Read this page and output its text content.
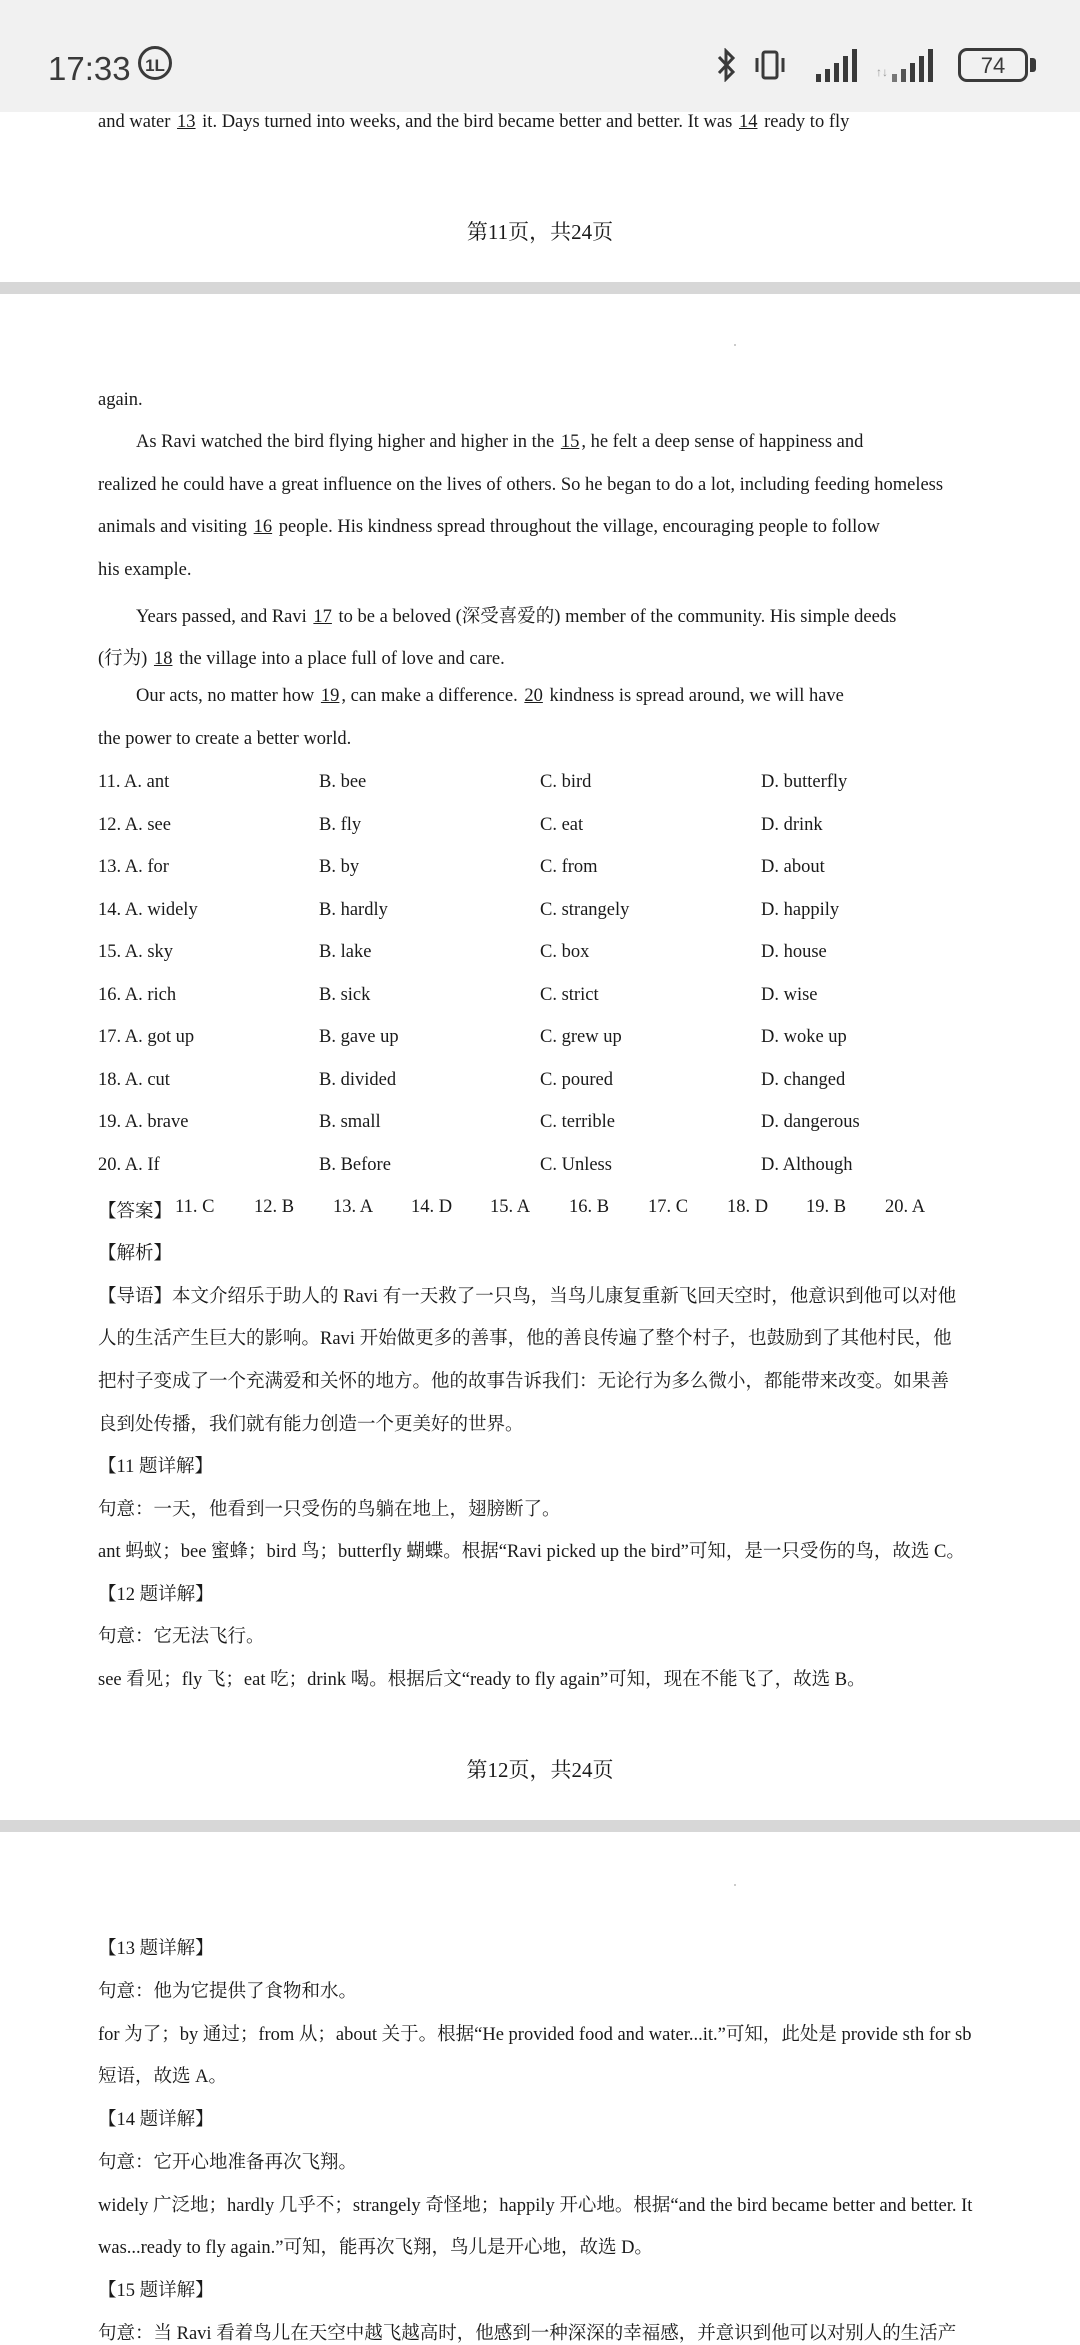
17:33 1L	↑↓	74
and water 13 it. Days turned into weeks, and the bird became better and better. It was 14 ready to fly
第11页，共24页
again.
As Ravi watched the bird flying higher and higher in the 15 , he felt a deep sense of happiness and
realized he could have a great influence on the lives of others. So he began to do a lot, including feeding homeless
animals and visiting 16 people. His kindness spread throughout the village, encouraging people to follow
his example.
Years passed, and Ravi 17 to be a beloved (深受喜爱的) member of the community. His simple deeds
(行为) 18 the village into a place full of love and care.
Our acts, no matter how 19 , can make a difference. 20 kindness is spread around, we will have
the power to create a better world.
11. A. ant	B. bee	C. bird	D. butterfly
12. A. see	B. fly	C. eat	D. drink
13. A. for	B. by	C. from	D. about
14. A. widely	B. hardly	C. strangely	D. happily
15. A. sky	B. lake	C. box	D. house
16. A. rich	B. sick	C. strict	D. wise
17. A. got up	B. gave up	C. grew up	D. woke up
18. A. cut	B. divided	C. poured	D. changed
19. A. brave	B. small	C. terrible	D. dangerous
20. A. If	B. Before	C. Unless	D. Although
【答案】 11. C 12. B 13. A 14. D 15. A 16. B 17. C 18. D 19. B 20. A
【解析】
【导语】本文介绍乐于助人的 Ravi 有一天救了一只鸟，当鸟儿康复重新飞回天空时，他意识到他可以对他
人的生活产生巨大的影响。Ravi 开始做更多的善事，他的善良传遍了整个村子，也鼓励到了其他村民，他
把村子变成了一个充满爱和关怀的地方。他的故事告诉我们：无论行为多么微小，都能带来改变。如果善
良到处传播，我们就有能力创造一个更美好的世界。
【11 题详解】
句意：一天，他看到一只受伤的鸟躺在地上，翅膀断了。
ant 蚂蚁；bee 蜜蜂；bird 鸟；butterfly 蝴蝶。根据“Ravi picked up the bird”可知，是一只受伤的鸟，故选 C。
【12 题详解】
句意：它无法飞行。
see 看见；fly 飞；eat 吃；drink 喝。根据后文“ready to fly again”可知，现在不能飞了，故选 B。
第12页，共24页
【13 题详解】
句意：他为它提供了食物和水。
for 为了；by 通过；from 从；about 关于。根据“He provided food and water...it.”可知，此处是 provide sth for sb
短语，故选 A。
【14 题详解】
句意：它开心地准备再次飞翔。
widely 广泛地；hardly 几乎不；strangely 奇怪地；happily 开心地。根据“and the bird became better and better. It
was...ready to fly again.”可知，能再次飞翔，鸟儿是开心地，故选 D。
【15 题详解】
句意：当 Ravi 看着鸟儿在天空中越飞越高时，他感到一种深深的幸福感，并意识到他可以对别人的生活产
